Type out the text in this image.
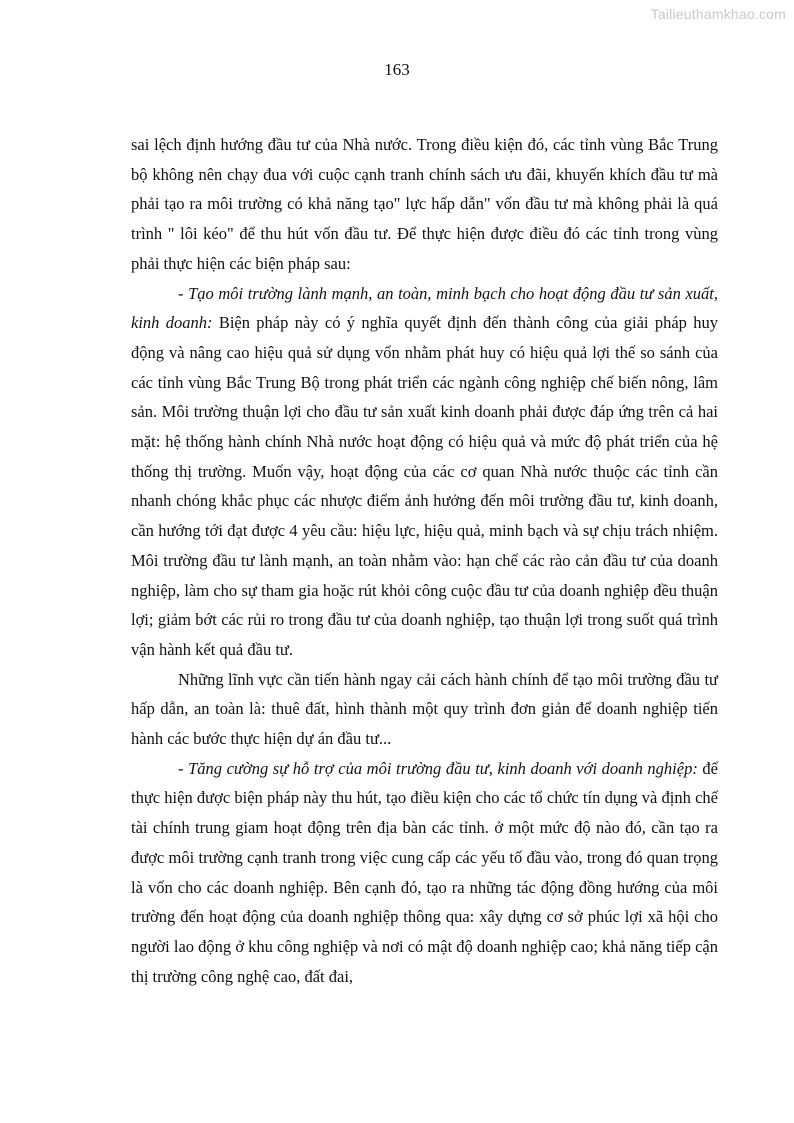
Tailieuthamkhao.com
163

sai lệch định hướng đầu tư của Nhà nước. Trong điều kiện đó, các tỉnh vùng Bắc Trung bộ không nên chạy đua với cuộc cạnh tranh chính sách ưu đãi, khuyến khích đầu tư mà phải tạo ra môi trường có khả năng tạo" lực hấp dẫn" vốn đầu tư mà không phải là quá trình " lôi kéo" để thu hút vốn đầu tư. Để thực hiện được điều đó các tỉnh trong vùng phải thực hiện các biện pháp sau:

- Tạo môi trường lành mạnh, an toàn, minh bạch cho hoạt động đầu tư sản xuất, kinh doanh: Biện pháp này có ý nghĩa quyết định đến thành công của giải pháp huy động và nâng cao hiệu quả sử dụng vốn nhằm phát huy có hiệu quả lợi thế so sánh của các tỉnh vùng Bắc Trung Bộ trong phát triển các ngành công nghiệp chế biến nông, lâm sản. Môi trường thuận lợi cho đầu tư sản xuất kinh doanh phải được đáp ứng trên cả hai mặt: hệ thống hành chính Nhà nước hoạt động có hiệu quả và mức độ phát triển của hệ thống thị trường. Muốn vậy, hoạt động của các cơ quan Nhà nước thuộc các tỉnh cần nhanh chóng khắc phục các nhược điểm ảnh hưởng đến môi trường đầu tư, kinh doanh, cần hướng tới đạt được 4 yêu cầu: hiệu lực, hiệu quả, minh bạch và sự chịu trách nhiệm. Môi trường đầu tư lành mạnh, an toàn nhằm vào: hạn chế các rào cản đầu tư của doanh nghiệp, làm cho sự tham gia hoặc rút khỏi công cuộc đầu tư của doanh nghiệp đều thuận lợi; giảm bớt các rủi ro trong đầu tư của doanh nghiệp, tạo thuận lợi trong suốt quá trình vận hành kết quả đầu tư.

Những lĩnh vực cần tiến hành ngay cải cách hành chính để tạo môi trường đầu tư hấp dẫn, an toàn là: thuê đất, hình thành một quy trình đơn giản để doanh nghiệp tiến hành các bước thực hiện dự án đầu tư...

- Tăng cường sự hỗ trợ của môi trường đầu tư, kinh doanh với doanh nghiệp: để thực hiện được biện pháp này thu hút, tạo điều kiện cho các tổ chức tín dụng và định chế tài chính trung giam hoạt động trên địa bàn các tỉnh. ở một mức độ nào đó, cần tạo ra được môi trường cạnh tranh trong việc cung cấp các yếu tố đầu vào, trong đó quan trọng là vốn cho các doanh nghiệp. Bên cạnh đó, tạo ra những tác động đồng hướng của môi trường đến hoạt động của doanh nghiệp thông qua: xây dựng cơ sở phúc lợi xã hội cho người lao động ở khu công nghiệp và nơi có mật độ doanh nghiệp cao; khả năng tiếp cận thị trường công nghệ cao, đất đai,
